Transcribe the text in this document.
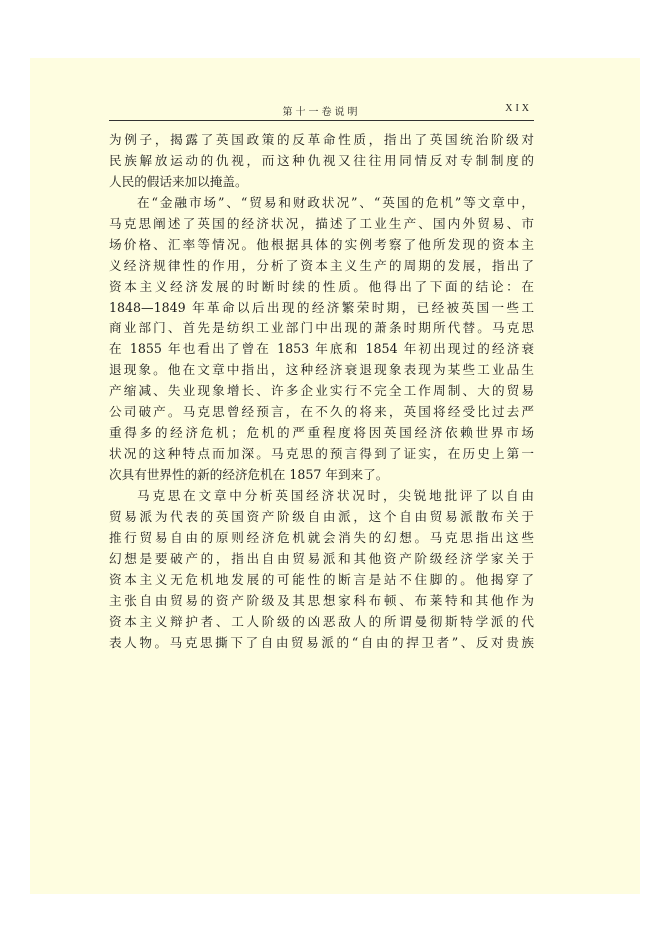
第十一卷说明	XIX
为例子，揭露了英国政策的反革命性质，指出了英国统治阶级对
民族解放运动的仇视，而这种仇视又往往用同情反对专制制度的
人民的假话来加以掩盖。
在“金融市场”、“贸易和财政状况”、“英国的危机”等文章中，
马克思阐述了英国的经济状况，描述了工业生产、国内外贸易、市
场价格、汇率等情况。他根据具体的实例考察了他所发现的资本主
义经济规律性的作用，分析了资本主义生产的周期的发展，指出了
资本主义经济发展的时断时续的性质。他得出了下面的结论：在
1848—1849 年革命以后出现的经济繁荣时期，已经被英国一些工
商业部门、首先是纺织工业部门中出现的萧条时期所代替。马克思
在 1855 年也看出了曾在 1853 年底和 1854 年初出现过的经济衰
退现象。他在文章中指出，这种经济衰退现象表现为某些工业品生
产缩减、失业现象增长、许多企业实行不完全工作周制、大的贸易
公司破产。马克思曾经预言，在不久的将来，英国将经受比过去严
重得多的经济危机；危机的严重程度将因英国经济依赖世界市场
状况的这种特点而加深。马克思的预言得到了证实，在历史上第一
次具有世界性的新的经济危机在 1857 年到来了。
马克思在文章中分析英国经济状况时，尖锐地批评了以自由
贸易派为代表的英国资产阶级自由派，这个自由贸易派散布关于
推行贸易自由的原则经济危机就会消失的幻想。马克思指出这些
幻想是要破产的，指出自由贸易派和其他资产阶级经济学家关于
资本主义无危机地发展的可能性的断言是站不住脚的。他揭穿了
主张自由贸易的资产阶级及其思想家科布顿、布莱特和其他作为
资本主义辩护者、工人阶级的凶恶敌人的所谓曼彻斯特学派的代
表人物。马克思撕下了自由贸易派的“自由的捍卫者”、反对贵族
